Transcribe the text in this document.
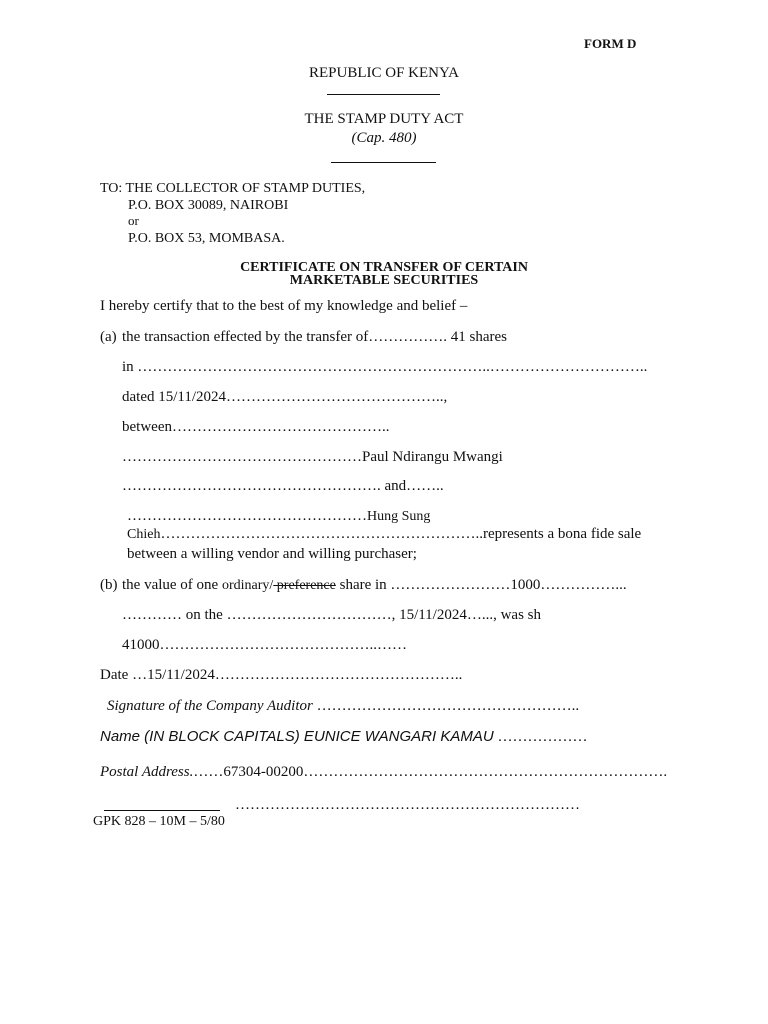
FORM D
REPUBLIC OF KENYA
THE STAMP DUTY ACT
(Cap. 480)
TO: THE COLLECTOR OF STAMP DUTIES,
P.O. BOX 30089, NAIROBI
or
P.O. BOX 53, MOMBASA.
CERTIFICATE ON TRANSFER OF CERTAIN
MARKETABLE SECURITIES
I hereby certify that to the best of my knowledge and belief –
(a) the transaction effected by the transfer of……………. 41 shares
in ……………………………………………………………..…………………………..
dated 15/11/2024……………………………………..,
between……………………………………..
…………………………………………Paul Ndirangu Mwangi
……………………………………………. and……..
…………………………………………Hung Sung
Chieh………………………………………………………..represents a bona fide sale
between a willing vendor and willing purchaser;
(b) the value of one ordinary/ preference share in ……………………1000……………...
………… on the ……………………………, 15/11/2024…..., was sh
41000……………………………………..……
Date …15/11/2024…………………………………………..
Signature of the Company Auditor ……………………………………………..
Name (IN BLOCK CAPITALS) EUNICE WANGARI KAMAU ………………
Postal Address.……67304-00200……………………………………………………………….
……………………………………………………………
GPK 828 – 10M – 5/80
